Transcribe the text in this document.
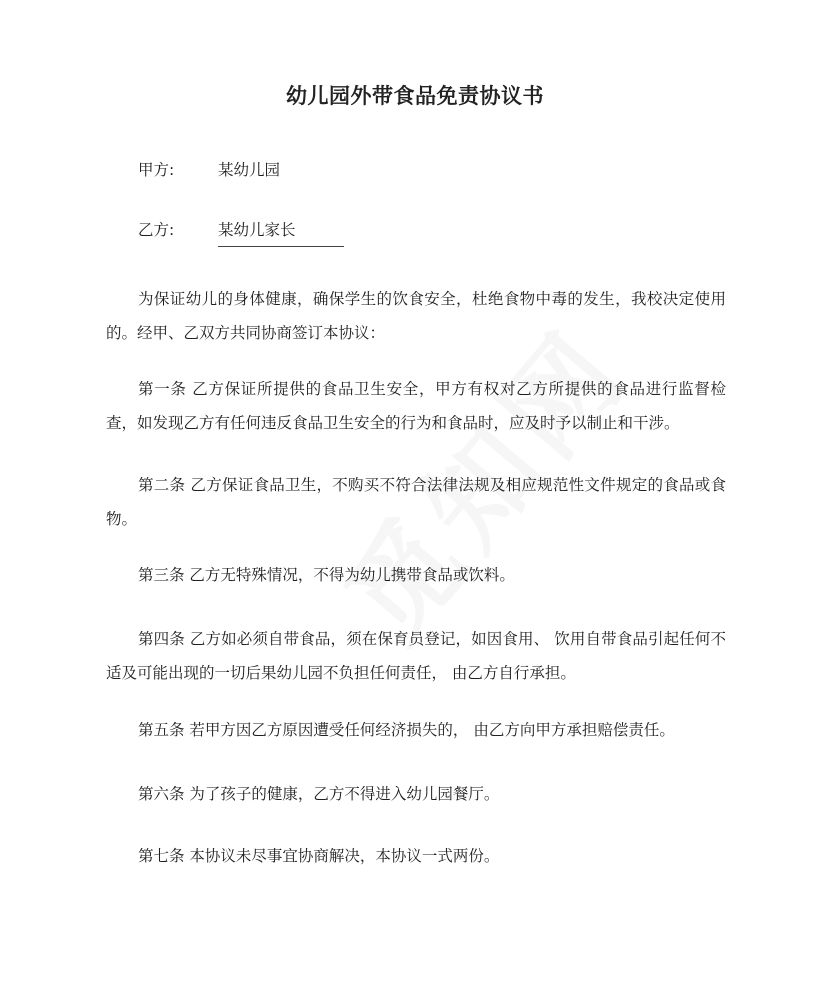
幼儿园外带食品免责协议书
甲方:	某幼儿园
乙方:	某幼儿家长

为保证幼儿的身体健康，确保学生的饮食安全，杜绝食物中毒的发生，我校决定使用的。经甲、乙双方共同协商签订本协议：

第一条 乙方保证所提供的食品卫生安全，甲方有权对乙方所提供的食品进行监督检查，如发现乙方有任何违反食品卫生安全的行为和食品时，应及时予以制止和干涉。

第二条 乙方保证食品卫生，不购买不符合法律法规及相应规范性文件规定的食品或食物。

第三条 乙方无特殊情况，不得为幼儿携带食品或饮料。

第四条 乙方如必须自带食品，须在保育员登记，如因食用、 饮用自带食品引起任何不适及可能出现的一切后果幼儿园不负担任何责任， 由乙方自行承担。

第五条 若甲方因乙方原因遭受任何经济损失的， 由乙方向甲方承担赔偿责任。

第六条 为了孩子的健康，乙方不得进入幼儿园餐厅。

第七条 本协议未尽事宜协商解决，本协议一式两份。
